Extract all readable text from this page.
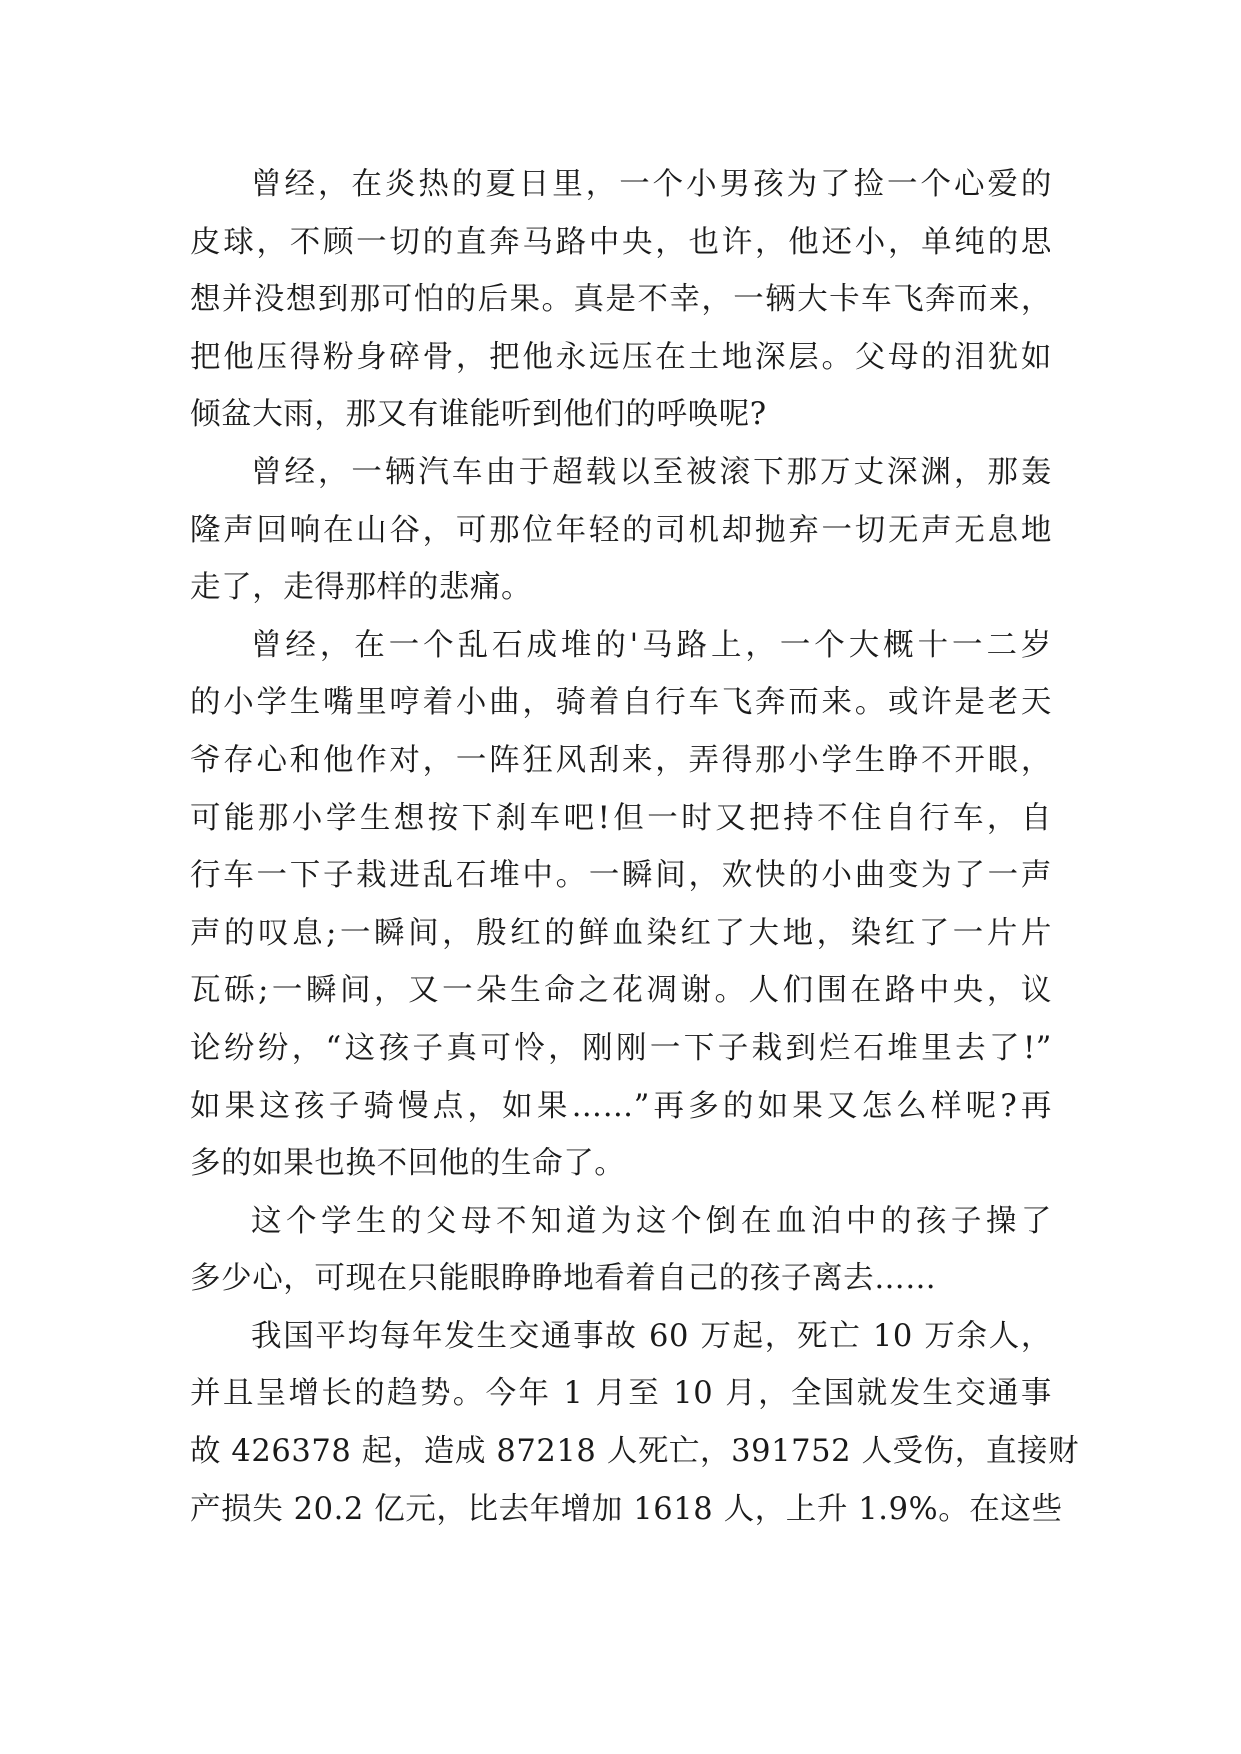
曾经，在炎热的夏日里，一个小男孩为了捡一个心爱的
皮球，不顾一切的直奔马路中央，也许，他还小，单纯的思
想并没想到那可怕的后果。真是不幸，一辆大卡车飞奔而来，
把他压得粉身碎骨，把他永远压在土地深层。父母的泪犹如
倾盆大雨，那又有谁能听到他们的呼唤呢?

曾经，一辆汽车由于超载以至被滚下那万丈深渊，那轰
隆声回响在山谷，可那位年轻的司机却抛弃一切无声无息地
走了，走得那样的悲痛。

曾经，在一个乱石成堆的'马路上，一个大概十一二岁
的小学生嘴里哼着小曲，骑着自行车飞奔而来。或许是老天
爷存心和他作对，一阵狂风刮来，弄得那小学生睁不开眼，
可能那小学生想按下刹车吧!但一时又把持不住自行车，自
行车一下子栽进乱石堆中。一瞬间，欢快的小曲变为了一声
声的叹息;一瞬间，殷红的鲜血染红了大地，染红了一片片
瓦砾;一瞬间，又一朵生命之花凋谢。人们围在路中央，议
论纷纷，“这孩子真可怜，刚刚一下子栽到烂石堆里去了!”
如果这孩子骑慢点，如果……”再多的如果又怎么样呢?再
多的如果也换不回他的生命了。

这个学生的父母不知道为这个倒在血泊中的孩子操了
多少心，可现在只能眼睁睁地看着自己的孩子离去……

我国平均每年发生交通事故 60 万起，死亡 10 万余人，
并且呈增长的趋势。今年 1 月至 10 月，全国就发生交通事
故 426378 起，造成 87218 人死亡，391752 人受伤，直接财
产损失 20.2 亿元，比去年增加 1618 人，上升 1.9%。在这些
